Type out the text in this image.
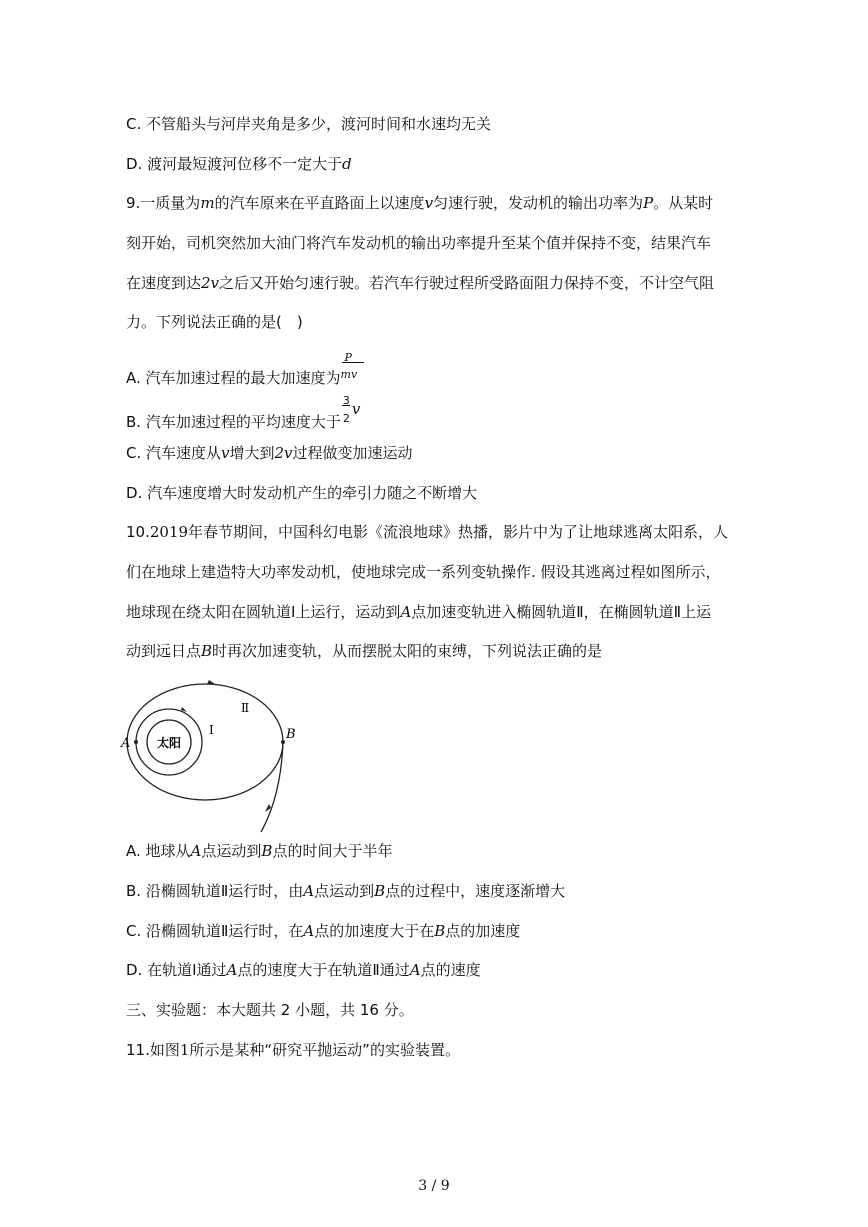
C. 不管船头与河岸夹角是多少，渡河时间和水速均无关
D. 渡河最短渡河位移不一定大于d
9.一质量为m的汽车原来在平直路面上以速度v匀速行驶，发动机的输出功率为P。从某时
刻开始，司机突然加大油门将汽车发动机的输出功率提升至某个值并保持不变，结果汽车
在速度到达2v之后又开始匀速行驶。若汽车行驶过程所受路面阻力保持不变，不计空气阻
力。下列说法正确的是(　)
A. 汽车加速过程的最大加速度为 $\frac{P}{mv}$
B. 汽车加速过程的平均速度大于
3
2
v
C. 汽车速度从v增大到2v过程做变加速运动
D. 汽车速度增大时发动机产生的牵引力随之不断增大
10.2019年春节期间，中国科幻电影《流浪地球》热播，影片中为了让地球逃离太阳系，人
们在地球上建造特大功率发动机，使地球完成一系列变轨操作. 假设其逃离过程如图所示，
地球现在绕太阳在圆轨道Ⅰ上运行，运动到A点加速变轨进入椭圆轨道Ⅱ，在椭圆轨道Ⅱ上运
动到远日点B时再次加速变轨，从而摆脱太阳的束缚，下列说法正确的是
太阳
A
B
Ⅰ
Ⅱ
A. 地球从A点运动到B点的时间大于半年
B. 沿椭圆轨道Ⅱ运行时，由A点运动到B点的过程中，速度逐渐增大
C. 沿椭圆轨道Ⅱ运行时，在A点的加速度大于在B点的加速度
D. 在轨道Ⅰ通过A点的速度大于在轨道Ⅱ通过A点的速度
三、实验题：本大题共 2 小题，共 16 分。
11.如图1所示是某种“研究平抛运动”的实验装置。
3 / 9
